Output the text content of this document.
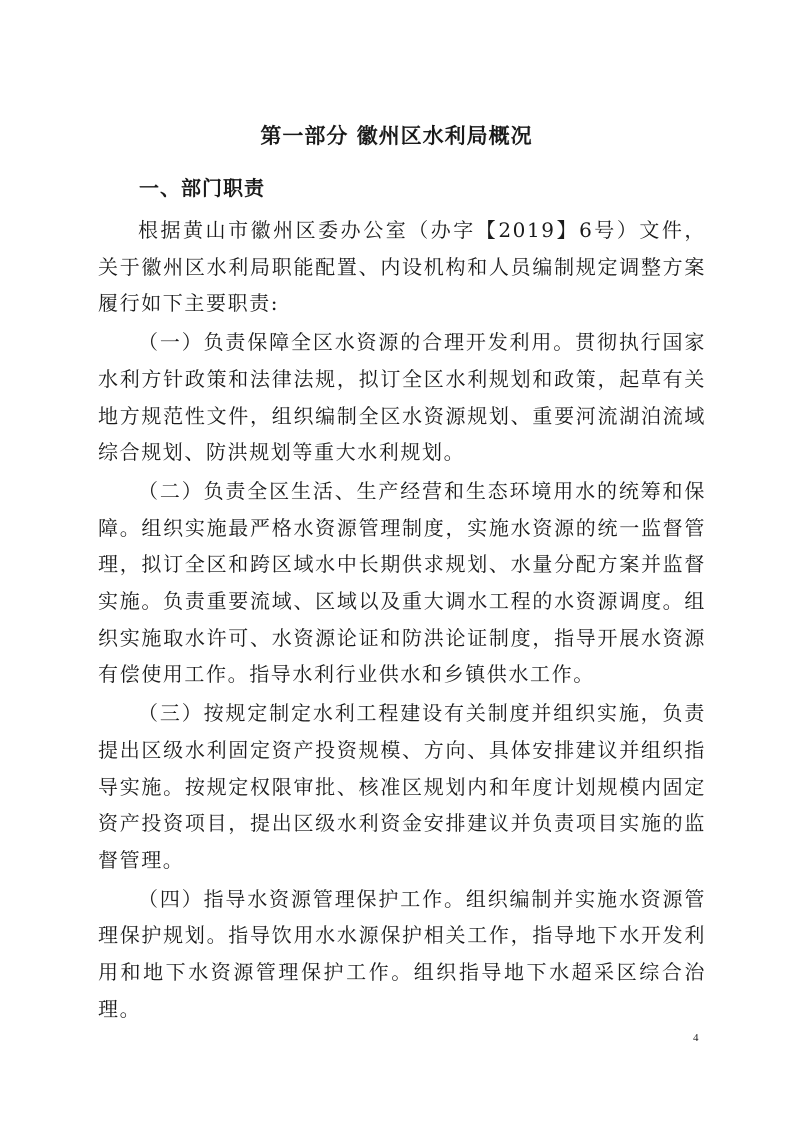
第一部分 徽州区水利局概况
一、部门职责

根据黄山市徽州区委办公室（办字【2019】6号）文件，关于徽州区水利局职能配置、内设机构和人员编制规定调整方案履行如下主要职责:

（一）负责保障全区水资源的合理开发利用。贯彻执行国家水利方针政策和法律法规，拟订全区水利规划和政策，起草有关地方规范性文件，组织编制全区水资源规划、重要河流湖泊流域综合规划、防洪规划等重大水利规划。

（二）负责全区生活、生产经营和生态环境用水的统筹和保障。组织实施最严格水资源管理制度，实施水资源的统一监督管理，拟订全区和跨区域水中长期供求规划、水量分配方案并监督实施。负责重要流域、区域以及重大调水工程的水资源调度。组织实施取水许可、水资源论证和防洪论证制度，指导开展水资源有偿使用工作。指导水利行业供水和乡镇供水工作。

（三）按规定制定水利工程建设有关制度并组织实施，负责提出区级水利固定资产投资规模、方向、具体安排建议并组织指导实施。按规定权限审批、核准区规划内和年度计划规模内固定资产投资项目，提出区级水利资金安排建议并负责项目实施的监督管理。

（四）指导水资源管理保护工作。组织编制并实施水资源管理保护规划。指导饮用水水源保护相关工作，指导地下水开发利用和地下水资源管理保护工作。组织指导地下水超采区综合治理。

4
